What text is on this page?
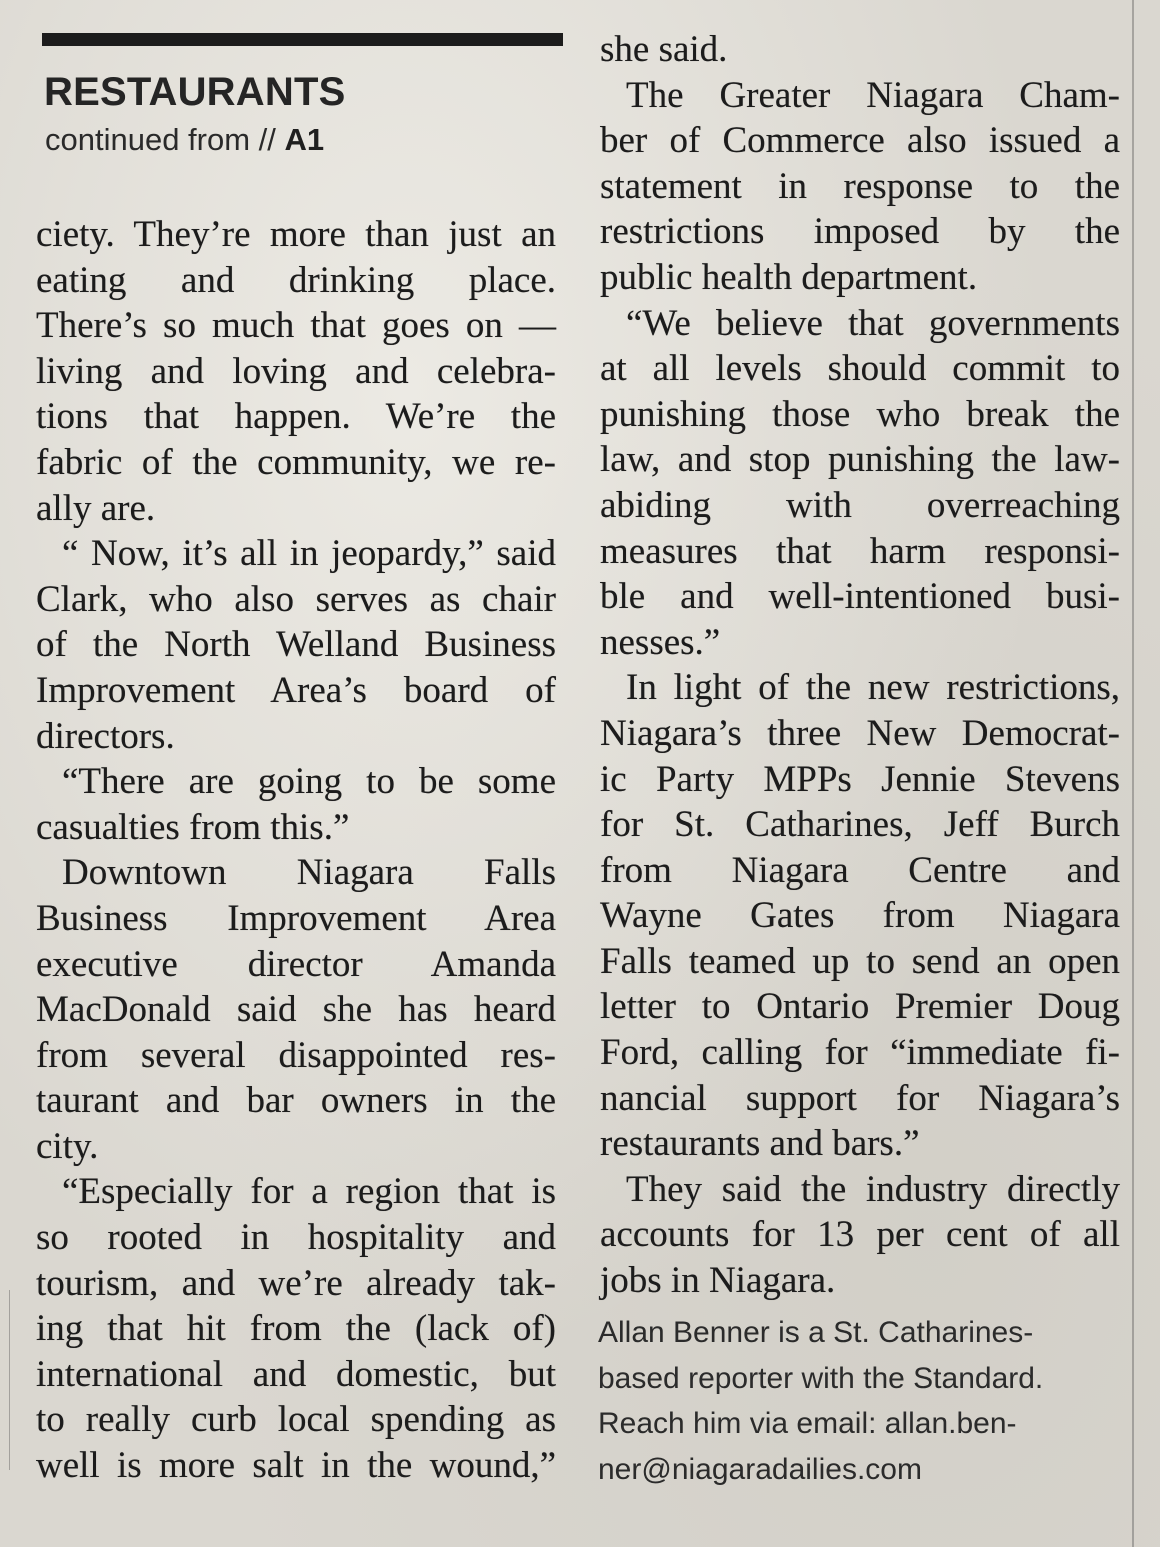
RESTAURANTS
continued from // A1
ciety. They’re more than just an
eating and drinking place.
There’s so much that goes on —
living and loving and celebra-
tions that happen. We’re the
fabric of the community, we re-
ally are.
“ Now, it’s all in jeopardy,” said
Clark, who also serves as chair
of the North Welland Business
Improvement Area’s board of
directors.
“There are going to be some
casualties from this.”
Downtown Niagara Falls
Business Improvement Area
executive director Amanda
MacDonald said she has heard
from several disappointed res-
taurant and bar owners in the
city.
“Especially for a region that is
so rooted in hospitality and
tourism, and we’re already tak-
ing that hit from the (lack of)
international and domestic, but
to really curb local spending as
well is more salt in the wound,”
she said.
The Greater Niagara Cham-
ber of Commerce also issued a
statement in response to the
restrictions imposed by the
public health department.
“We believe that governments
at all levels should commit to
punishing those who break the
law, and stop punishing the law-
abiding with overreaching
measures that harm responsi-
ble and well-intentioned busi-
nesses.”
In light of the new restrictions,
Niagara’s three New Democrat-
ic Party MPPs Jennie Stevens
for St. Catharines, Jeff Burch
from Niagara Centre and
Wayne Gates from Niagara
Falls teamed up to send an open
letter to Ontario Premier Doug
Ford, calling for “immediate fi-
nancial support for Niagara’s
restaurants and bars.”
They said the industry directly
accounts for 13 per cent of all
jobs in Niagara.
Allan Benner is a St. Catharines-
based reporter with the Standard.
Reach him via email: allan.ben-
ner@niagaradailies.com
